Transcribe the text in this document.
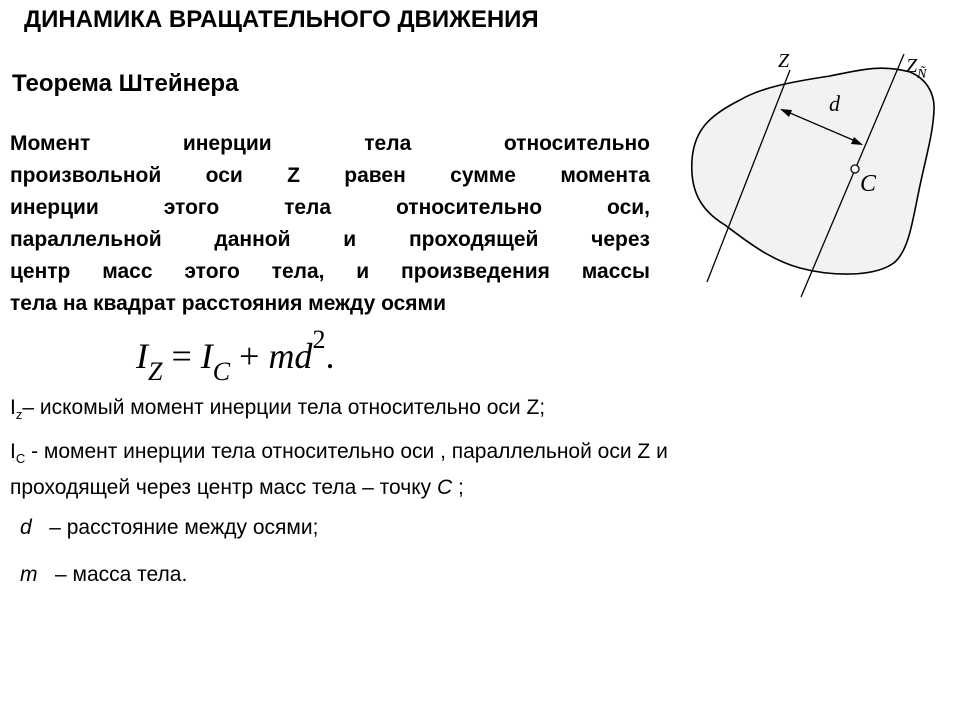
ДИНАМИКА ВРАЩАТЕЛЬНОГО ДВИЖЕНИЯ
Теорема Штейнера
Момент инерции тела относительно
произвольной оси Z равен сумме момента
инерции этого тела относительно оси,
параллельной данной и проходящей через
центр масс этого тела, и произведения массы
тела на квадрат расстояния между осями
$I_Z = I_C + md^2$.
$I_z-$ искомый момент инерции тела относительно оси Z;
$I_C$ - момент инерции тела относительно оси , параллельной оси Z и
проходящей через центр масс тела – точку C ;
d – расстояние между осями;
m – масса тела.
Z	$Z_Ñ$
d
C
